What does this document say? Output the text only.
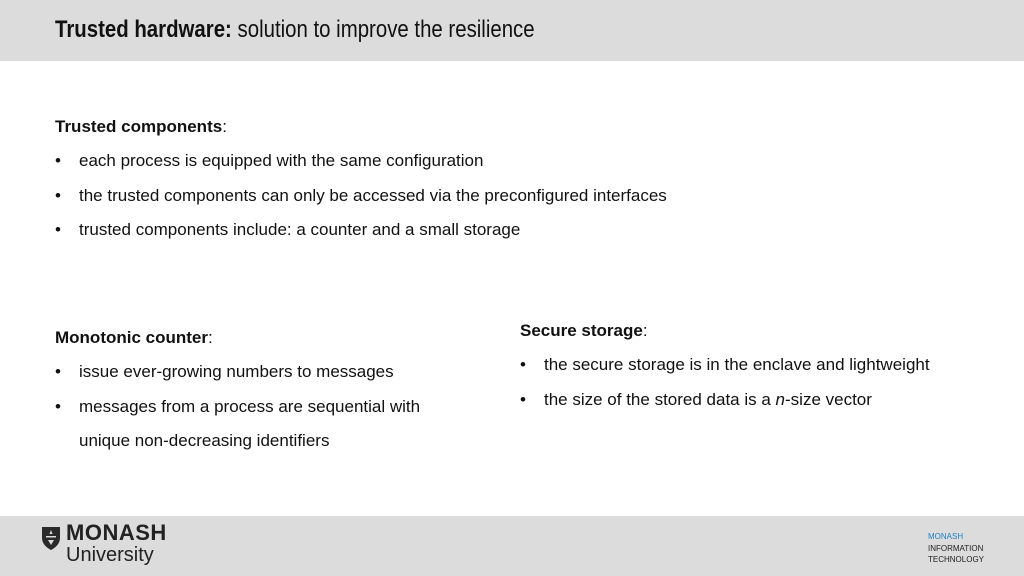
Trusted hardware: solution to improve the resilience

Trusted components:

• each process is equipped with the same configuration
• the trusted components can only be accessed via the preconfigured interfaces
• trusted components include: a counter and a small storage

Monotonic counter:

• issue ever-growing numbers to messages
• messages from a process are sequential with unique non-decreasing identifiers

Secure storage:

• the secure storage is in the enclave and lightweight
• the size of the stored data is a n-size vector
MONASH
University
MONASH
INFORMATION
TECHNOLOGY
